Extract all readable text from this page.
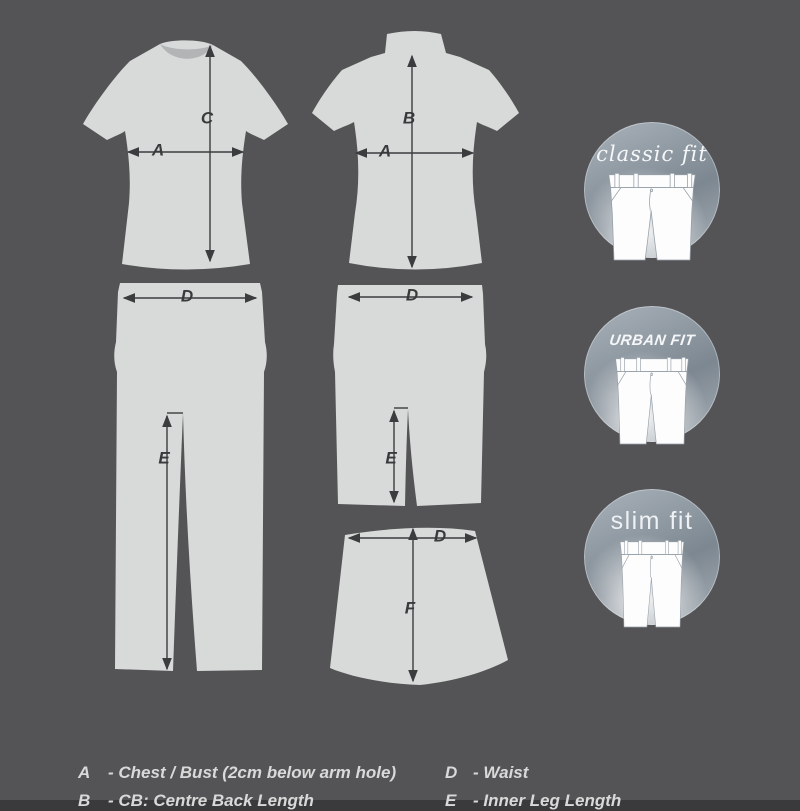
C
A
B
A
D
E
D
E
D
F
classic fit
URBAN FIT
slim fit
A - Chest / Bust (2cm below arm hole)
B - CB: Centre Back Length
D - Waist
E - Inner Leg Length
